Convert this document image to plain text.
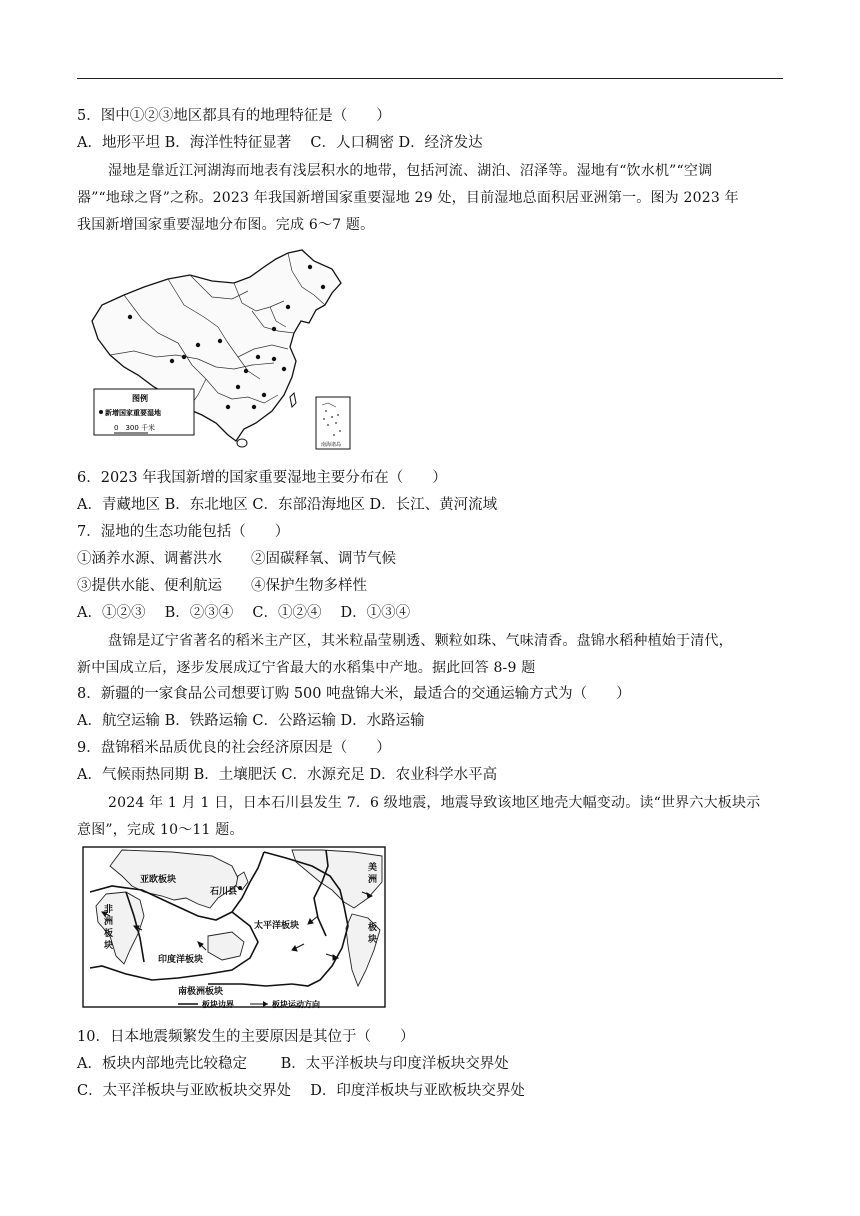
5．图中①②③地区都具有的地理特征是（　　）
A．地形平坦 B．海洋性特征显著　 C．人口稠密 D．经济发达
湿地是靠近江河湖海而地表有浅层积水的地带，包括河流、湖泊、沼泽等。湿地有“饮水机”“空调
器”“地球之肾”之称。2023 年我国新增国家重要湿地 29 处，目前湿地总面积居亚洲第一。图为 2023 年
我国新增国家重要湿地分布图。完成 6～7 题。
图例
新增国家重要湿地
0　300 千米
南海诸岛
6．2023 年我国新增的国家重要湿地主要分布在（　　）
A．青藏地区 B．东北地区 C．东部沿海地区 D．长江、黄河流域
7．湿地的生态功能包括（　　）
①涵养水源、调蓄洪水　　②固碳释氧、调节气候
③提供水能、便利航运　　④保护生物多样性
A．①②③　 B．②③④　 C．①②④　 D．①③④
盘锦是辽宁省著名的稻米主产区，其米粒晶莹剔透、颗粒如珠、气味清香。盘锦水稻种植始于清代，
新中国成立后，逐步发展成辽宁省最大的水稻集中产地。据此回答 8-9 题
8．新疆的一家食品公司想要订购 500 吨盘锦大米，最适合的交通运输方式为（　　）
A．航空运输 B．铁路运输 C．公路运输 D．水路运输
9．盘锦稻米品质优良的社会经济原因是（　　）
A．气候雨热同期 B．土壤肥沃 C．水源充足 D．农业科学水平高
2024 年 1 月 1 日，日本石川县发生 7．6 级地震，地震导致该地区地壳大幅变动。读“世界六大板块示
意图”，完成 10～11 题。
亚欧板块
石川县
非
洲
板
块
太平洋板块
印度洋板块
南极洲板块
美
洲
板
块
板块边界	板块运动方向
10．日本地震频繁发生的主要原因是其位于（　　）
A．板块内部地壳比较稳定　　 B．太平洋板块与印度洋板块交界处
C．太平洋板块与亚欧板块交界处　 D．印度洋板块与亚欧板块交界处
